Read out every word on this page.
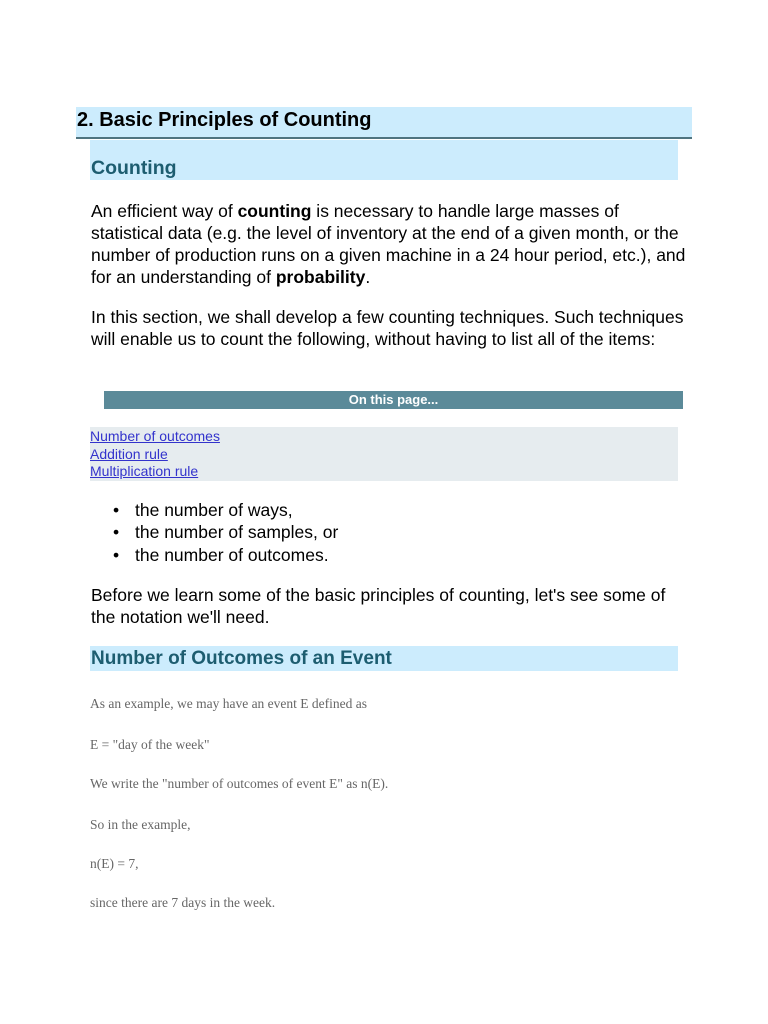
2. Basic Principles of Counting
Counting

An efficient way of counting is necessary to handle large masses of statistical data (e.g. the level of inventory at the end of a given month, or the number of production runs on a given machine in a 24 hour period, etc.), and for an understanding of probability.

In this section, we shall develop a few counting techniques. Such techniques will enable us to count the following, without having to list all of the items:

On this page...
Number of outcomes
Addition rule
Multiplication rule
• the number of ways,
• the number of samples, or
• the number of outcomes.

Before we learn some of the basic principles of counting, let's see some of the notation we'll need.

Number of Outcomes of an Event

As an example, we may have an event E defined as

E = "day of the week"

We write the "number of outcomes of event E" as n(E).

So in the example,

n(E) = 7,

since there are 7 days in the week.
